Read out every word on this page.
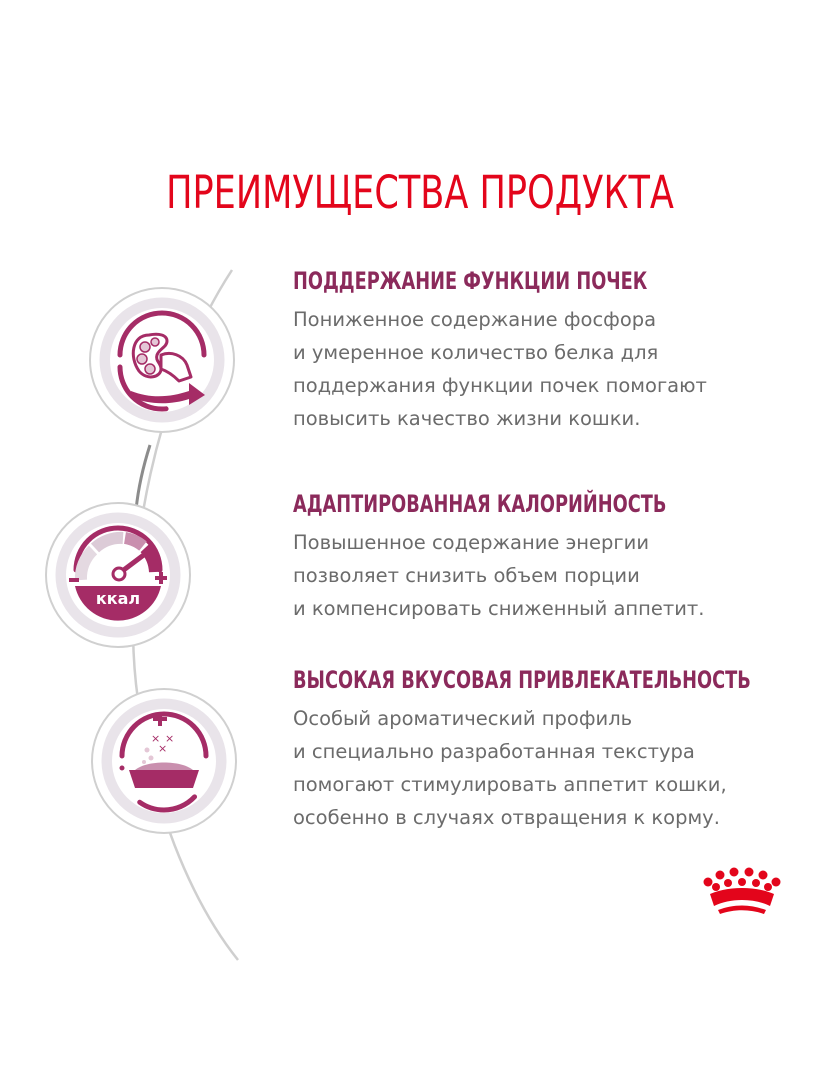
ПРЕИМУЩЕСТВА ПРОДУКТА
ккал
× ×
×
ПОДДЕРЖАНИЕ ФУНКЦИИ ПОЧЕК
Пониженное содержание фосфора
и умеренное количество белка для
поддержания функции почек помогают
повысить качество жизни кошки.
АДАПТИРОВАННАЯ КАЛОРИЙНОСТЬ
Повышенное содержание энергии
позволяет снизить объем порции
и компенсировать сниженный аппетит.
ВЫСОКАЯ ВКУСОВАЯ ПРИВЛЕКАТЕЛЬНОСТЬ
Особый ароматический профиль
и специально разработанная текстура
помогают стимулировать аппетит кошки,
особенно в случаях отвращения к корму.
